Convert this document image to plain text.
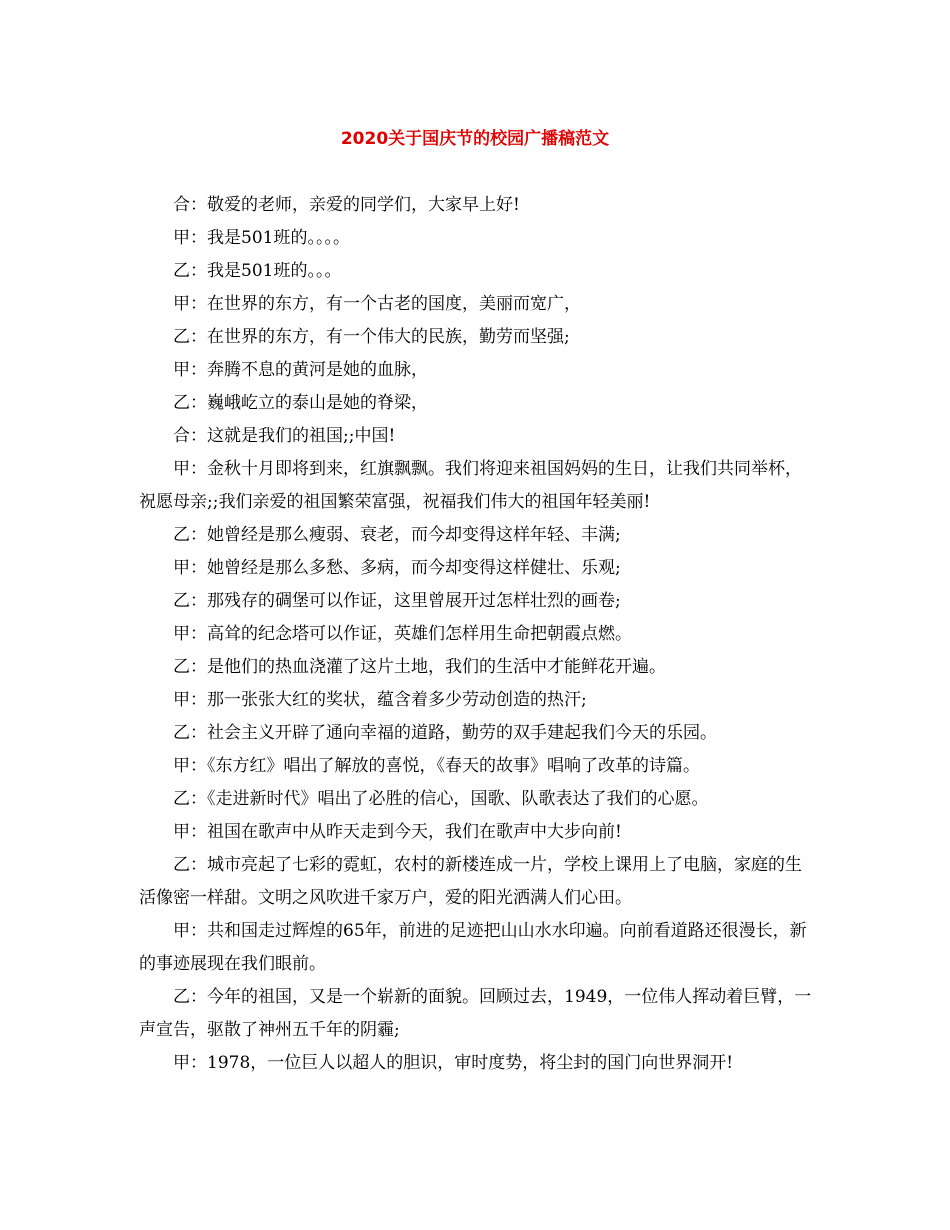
2020关于国庆节的校园广播稿范文

合：敬爱的老师，亲爱的同学们，大家早上好!

甲：我是501班的。。。。

乙：我是501班的。。。

甲：在世界的东方，有一个古老的国度，美丽而宽广，

乙：在世界的东方，有一个伟大的民族，勤劳而坚强;

甲：奔腾不息的黄河是她的血脉，

乙：巍峨屹立的泰山是她的脊梁，

合：这就是我们的祖国;;中国!

甲：金秋十月即将到来，红旗飘飘。我们将迎来祖国妈妈的生日，让我们共同举杯，祝愿母亲;;我们亲爱的祖国繁荣富强，祝福我们伟大的祖国年轻美丽!

乙：她曾经是那么瘦弱、衰老，而今却变得这样年轻、丰满;

甲：她曾经是那么多愁、多病，而今却变得这样健壮、乐观;

乙：那残存的碉堡可以作证，这里曾展开过怎样壮烈的画卷;

甲：高耸的纪念塔可以作证，英雄们怎样用生命把朝霞点燃。

乙：是他们的热血浇灌了这片土地，我们的生活中才能鲜花开遍。

甲：那一张张大红的奖状，蕴含着多少劳动创造的热汗;

乙：社会主义开辟了通向幸福的道路，勤劳的双手建起我们今天的乐园。

甲：《东方红》唱出了解放的喜悦，《春天的故事》唱响了改革的诗篇。

乙：《走进新时代》唱出了必胜的信心，国歌、队歌表达了我们的心愿。

甲：祖国在歌声中从昨天走到今天，我们在歌声中大步向前!

乙：城市亮起了七彩的霓虹，农村的新楼连成一片，学校上课用上了电脑，家庭的生活像密一样甜。文明之风吹进千家万户，爱的阳光洒满人们心田。

甲：共和国走过辉煌的65年，前进的足迹把山山水水印遍。向前看道路还很漫长，新的事迹展现在我们眼前。

乙：今年的祖国，又是一个崭新的面貌。回顾过去，1949，一位伟人挥动着巨臂，一声宣告，驱散了神州五千年的阴霾;

甲：1978，一位巨人以超人的胆识，审时度势，将尘封的国门向世界洞开!
